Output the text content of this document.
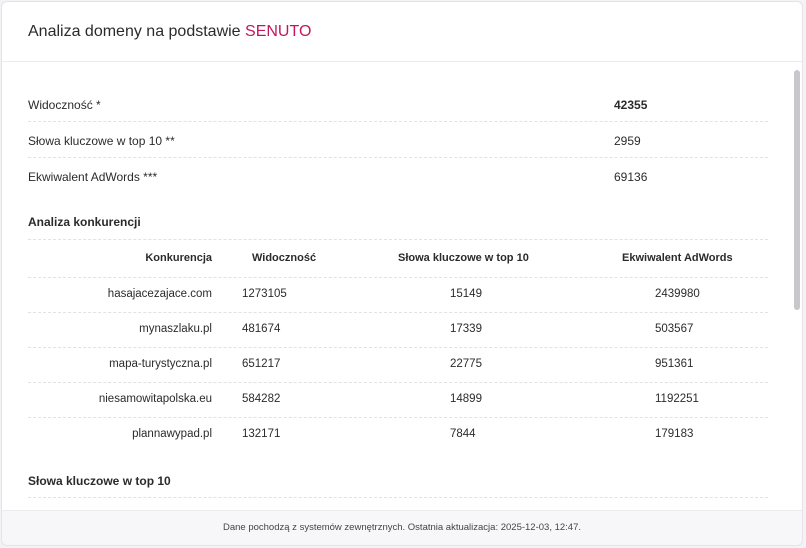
Analiza domeny na podstawie SENUTO
Widoczność *	42355
Słowa kluczowe w top 10 **	2959
Ekwiwalent AdWords ***	69136
Analiza konkurencji
Konkurencja	Widoczność	Słowa kluczowe w top 10	Ekwiwalent AdWords
hasajacezajace.com	1273105	15149	2439980
mynaszlaku.pl	481674	17339	503567
mapa-turystyczna.pl	651217	22775	951361
niesamowitapolska.eu	584282	14899	1192251
plannawypad.pl	132171	7844	179183
Słowa kluczowe w top 10
Dane pochodzą z systemów zewnętrznych. Ostatnia aktualizacja: 2025-12-03, 12:47.
